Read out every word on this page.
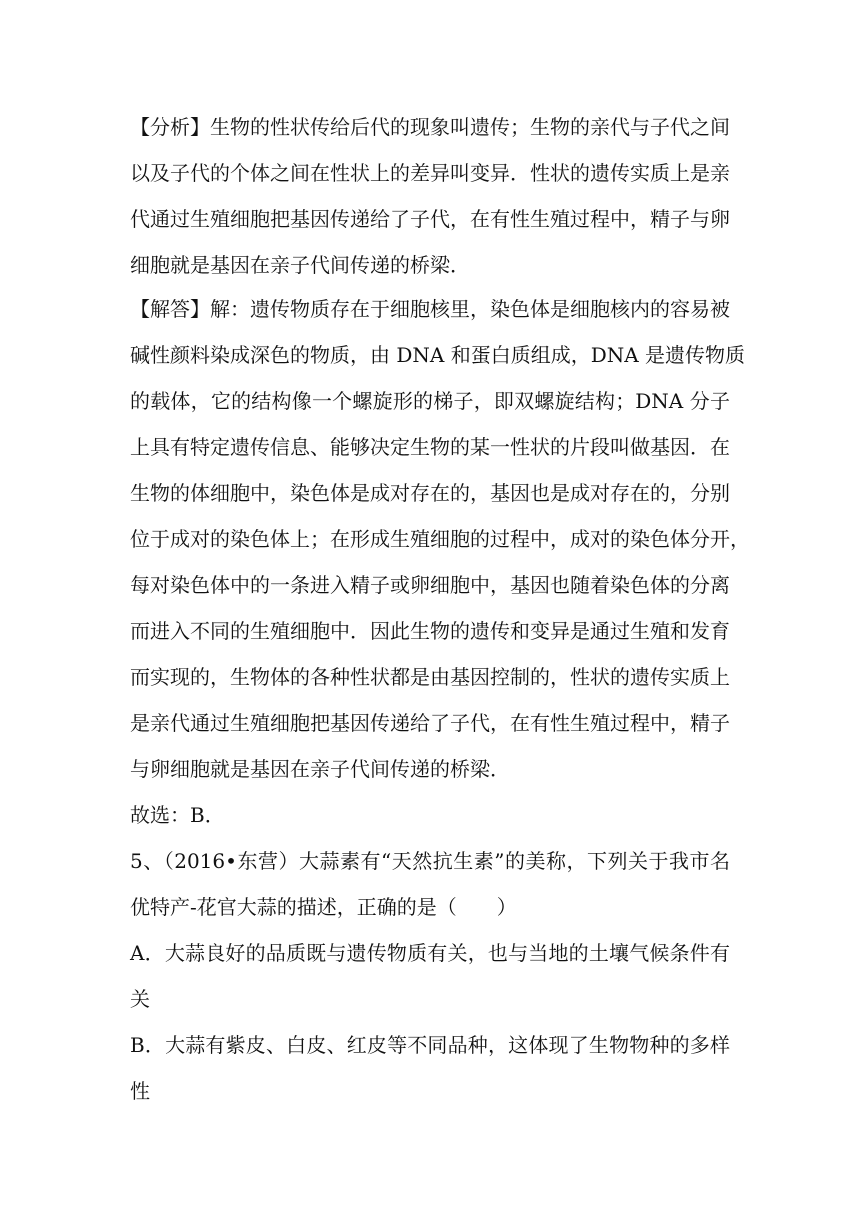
【分析】生物的性状传给后代的现象叫遗传；生物的亲代与子代之间
以及子代的个体之间在性状上的差异叫变异．性状的遗传实质上是亲
代通过生殖细胞把基因传递给了子代，在有性生殖过程中，精子与卵
细胞就是基因在亲子代间传递的桥梁．
【解答】解：遗传物质存在于细胞核里，染色体是细胞核内的容易被
碱性颜料染成深色的物质，由 DNA 和蛋白质组成，DNA 是遗传物质
的载体，它的结构像一个螺旋形的梯子，即双螺旋结构；DNA 分子
上具有特定遗传信息、能够决定生物的某一性状的片段叫做基因．在
生物的体细胞中，染色体是成对存在的，基因也是成对存在的，分别
位于成对的染色体上；在形成生殖细胞的过程中，成对的染色体分开，
每对染色体中的一条进入精子或卵细胞中，基因也随着染色体的分离
而进入不同的生殖细胞中．因此生物的遗传和变异是通过生殖和发育
而实现的，生物体的各种性状都是由基因控制的，性状的遗传实质上
是亲代通过生殖细胞把基因传递给了子代，在有性生殖过程中，精子
与卵细胞就是基因在亲子代间传递的桥梁．
故选：B．
5、（2016•东营）大蒜素有“天然抗生素”的美称，下列关于我市名
优特产-花官大蒜的描述，正确的是（　　）
A．大蒜良好的品质既与遗传物质有关，也与当地的土壤气候条件有
关
B．大蒜有紫皮、白皮、红皮等不同品种，这体现了生物物种的多样
性
